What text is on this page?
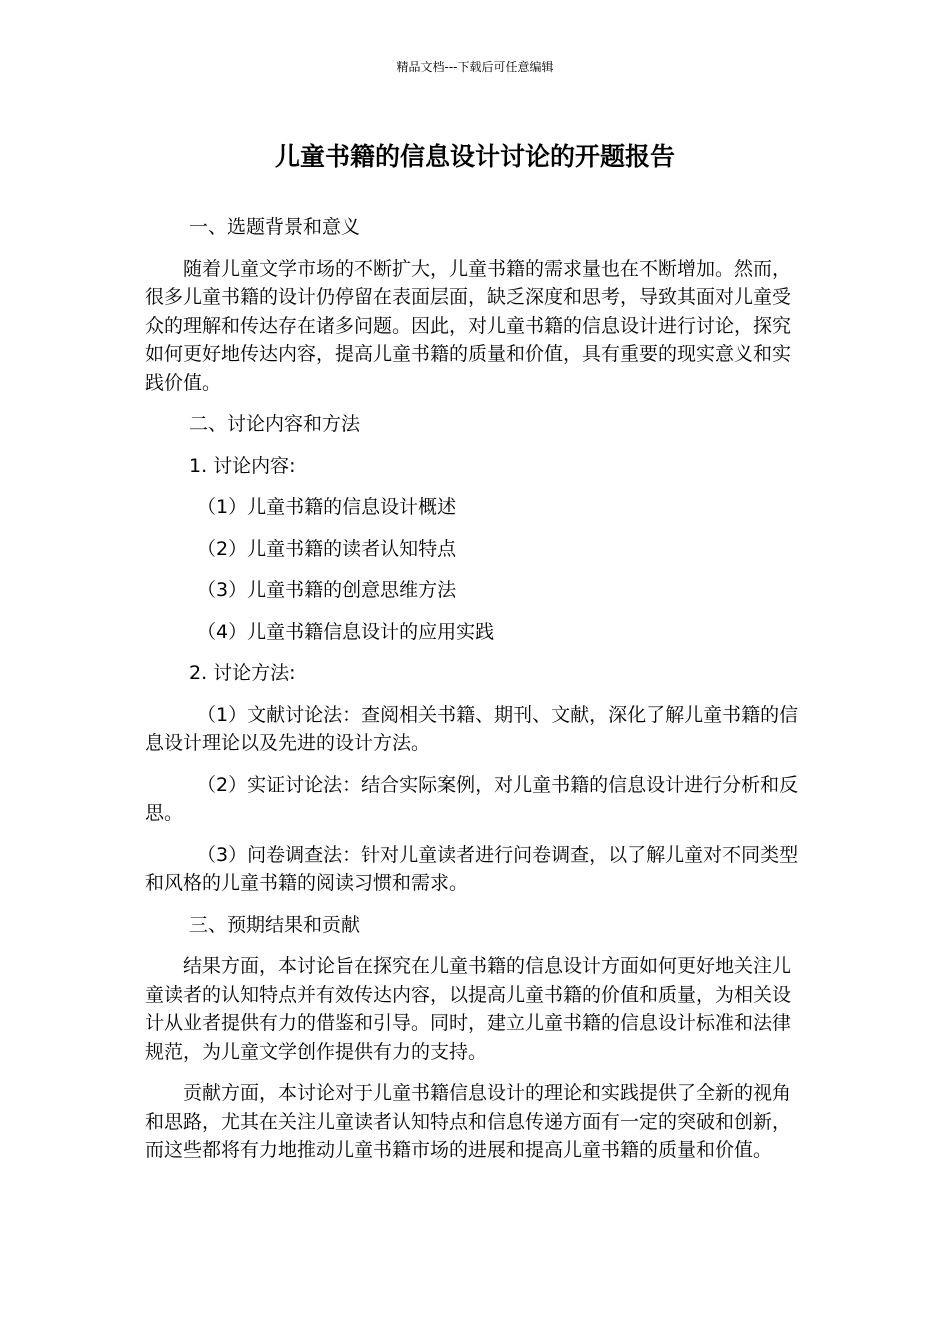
精品文档---下载后可任意编辑
儿童书籍的信息设计讨论的开题报告

一、选题背景和意义

随着儿童文学市场的不断扩大，儿童书籍的需求量也在不断增加。然而，很多儿童书籍的设计仍停留在表面层面，缺乏深度和思考，导致其面对儿童受众的理解和传达存在诸多问题。因此，对儿童书籍的信息设计进行讨论，探究如何更好地传达内容，提高儿童书籍的质量和价值，具有重要的现实意义和实践价值。

二、讨论内容和方法

1. 讨论内容:

（1）儿童书籍的信息设计概述

（2）儿童书籍的读者认知特点

（3）儿童书籍的创意思维方法

（4）儿童书籍信息设计的应用实践

2. 讨论方法:

（1）文献讨论法：查阅相关书籍、期刊、文献，深化了解儿童书籍的信息设计理论以及先进的设计方法。

（2）实证讨论法：结合实际案例，对儿童书籍的信息设计进行分析和反思。

（3）问卷调查法：针对儿童读者进行问卷调查，以了解儿童对不同类型和风格的儿童书籍的阅读习惯和需求。

三、预期结果和贡献

结果方面，本讨论旨在探究在儿童书籍的信息设计方面如何更好地关注儿童读者的认知特点并有效传达内容，以提高儿童书籍的价值和质量，为相关设计从业者提供有力的借鉴和引导。同时，建立儿童书籍的信息设计标准和法律规范，为儿童文学创作提供有力的支持。

贡献方面，本讨论对于儿童书籍信息设计的理论和实践提供了全新的视角和思路，尤其在关注儿童读者认知特点和信息传递方面有一定的突破和创新，而这些都将有力地推动儿童书籍市场的进展和提高儿童书籍的质量和价值。
